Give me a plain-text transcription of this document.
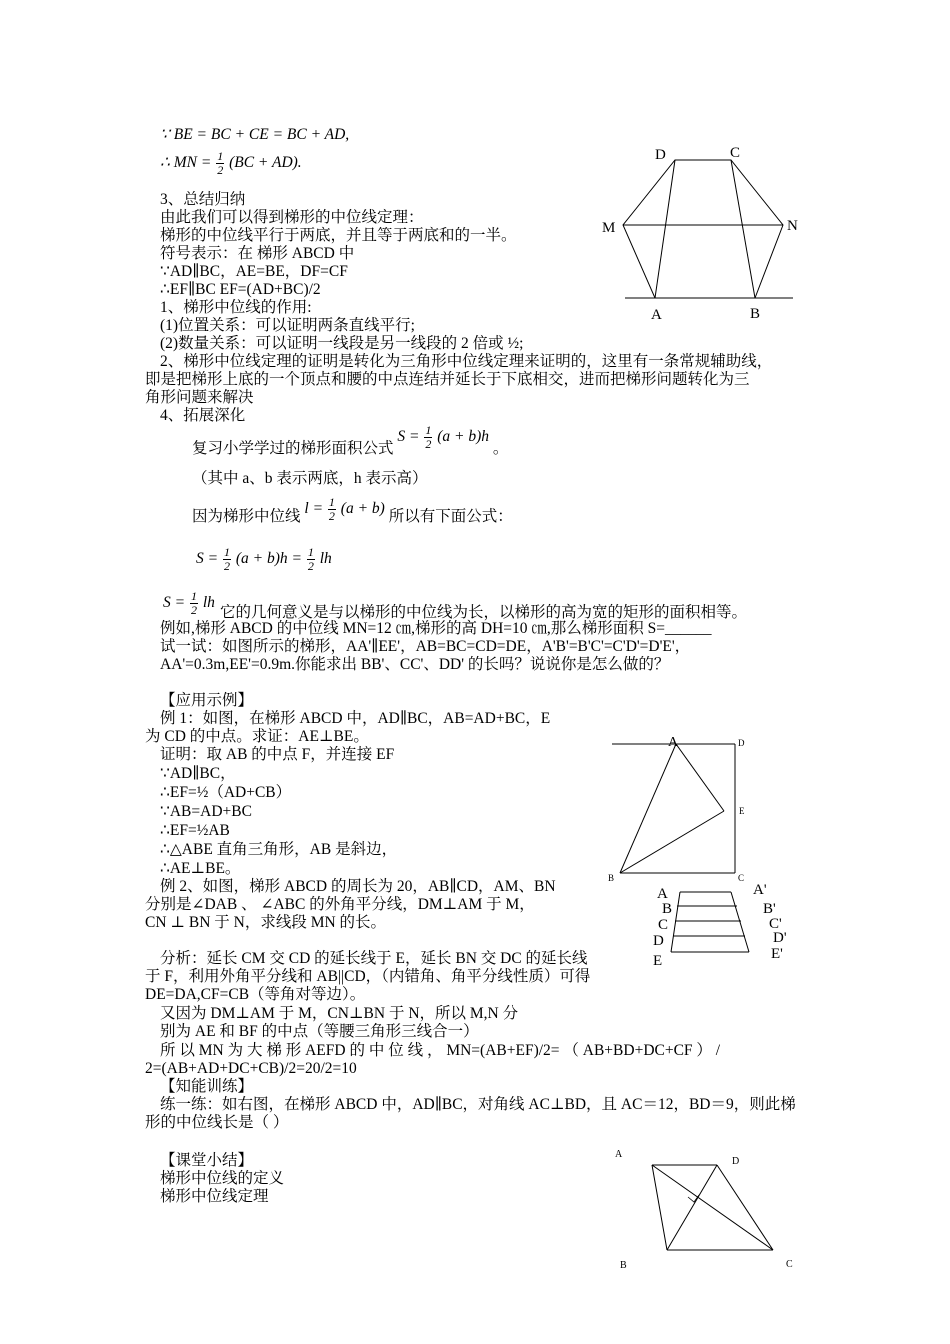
∵ BE = BC + CE = BC + AD,
∴ MN = $\frac{1}{2} (BC + AD)$.
3、总结归纳
由此我们可以得到梯形的中位线定理：
梯形的中位线平行于两底，并且等于两底和的一半。
符号表示：在 梯形 ABCD 中
∵AD∥BC，AE=BE，DF=CF
∴EF∥BC EF=(AD+BC)/2
1、梯形中位线的作用:
(1)位置关系：可以证明两条直线平行;
(2)数量关系：可以证明一线段是另一线段的 2 倍或 ½;
2、梯形中位线定理的证明是转化为三角形中位线定理来证明的，这里有一条常规辅助线，
即是把梯形上底的一个顶点和腰的中点连结并延长于下底相交，进而把梯形问题转化为三
角形问题来解决
4、拓展深化
复习小学学过的梯形面积公式 $S = \frac{1}{2} (a + b)h$ 。
（其中 a、b 表示两底，h 表示高）
因为梯形中位线 $l = \frac{1}{2} (a + b)$ 所以有下面公式：
$S = \frac{1}{2} (a + b)h = \frac{1}{2}$ lh
$S = \frac{1}{2}$ lh
它的几何意义是与以梯形的中位线为长，以梯形的高为宽的矩形的面积相等。
例如,梯形 ABCD 的中位线 MN=12 ㎝,梯形的高 DH=10 ㎝,那么梯形面积 S=______
试一试：如图所示的梯形，AA'∥EE'，AB=BC=CD=DE，A'B'=B'C'=C'D'=D'E'，
AA'=0.3m,EE'=0.9m.你能求出 BB'、CC'、DD' 的长吗？说说你是怎么做的？
【应用示例】
例 1：如图，在梯形 ABCD 中，AD∥BC，AB=AD+BC，E
为 CD 的中点。求证：AE⊥BE。
证明：取 AB 的中点 F，并连接 EF
∵AD∥BC，
∴EF=½（AD+CB）
∵AB=AD+BC
∴EF=½AB
∴△ABE 直角三角形，AB 是斜边，
∴AE⊥BE。
例 2、如图，梯形 ABCD 的周长为 20，AB∥CD，AM、BN
分别是∠DAB 、 ∠ABC 的外角平分线，DM⊥AM 于 M，
CN ⊥ BN 于 N，求线段 MN 的长。
分析：延长 CM 交 CD 的延长线于 E，延长 BN 交 DC 的延长线
于 F，利用外角平分线和 AB||CD，（内错角、角平分线性质）可得
DE=DA,CF=CB（等角对等边）。
又因为 DM⊥AM 于 M，CN⊥BN 于 N，所以 M,N 分
别为 AE 和 BF 的中点（等腰三角形三线合一）
所 以 MN 为 大 梯 形 AEFD 的 中 位 线 ， MN=(AB+EF)/2= （ AB+BD+DC+CF ） /
2=(AB+AD+DC+CB)/2=20/2=10
【知能训练】
练一练：如右图，在梯形 ABCD 中，AD∥BC，对角线 AC⊥BD，且 AC＝12，BD＝9，则此梯
形的中位线长是（ ）
【课堂小结】
梯形中位线的定义
梯形中位线定理
D	C
M	N
A	B
A	D
E
B	C
A
B
C
D
E
A'
B'
C'
D'
E'
A
D
B	C
